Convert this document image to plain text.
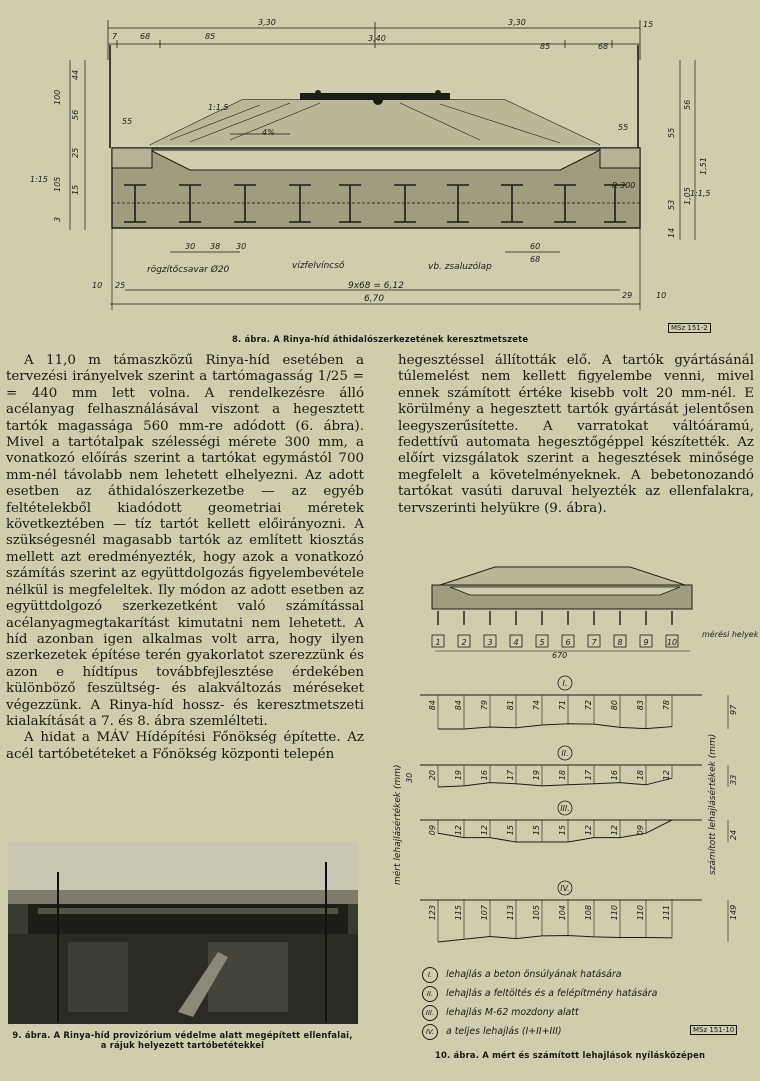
3,30	3,30
3,40
7	68	85
85	68
15
p.sz.
1:1,5
4%
R 300
1:15
1:1,5
55
55
100
44
56
25
105 15
3
56
55
1,51
53 1,05
14
30 38 30	60
68
rögzítőcsavar Ø20	vízfelvíncső	vb. zsaluzólap
9x68 = 6,12
6,70
10 25
29	10
8. ábra. A Rinya-híd áthidalószerkezetének keresztmetszete
MSz 151-2

A 11,0 m támaszközű Rinya-híd esetében a tervezési irányelvek szerint a tartómagasság 1/25 = = 440 mm lett volna. A rendelkezésre álló acélanyag felhasználásával viszont a hegesztett tartók magassága 560 mm-re adódott (6. ábra). Mivel a tartótalpak szélességi mérete 300 mm, a vonatkozó előírás szerint a tartókat egymástól 700 mm-nél távolabb nem lehetett elhelyezni. Az adott esetben az áthidalószerkezetbe — az egyéb feltételekből kiadódott geometriai méretek következtében — tíz tartót kellett előirányozni. A szükségesnél magasabb tartók az említett kiosztás mellett azt eredményezték, hogy azok a vonatkozó számítás szerint az együttdolgozás figyelembevétele nélkül is megfeleltek. Ily módon az adott esetben az együttdolgozó szerkezetként való számítással acélanyagmegtakarítást kimutatni nem lehetett. A híd azonban igen alkalmas volt arra, hogy ilyen szerkezetek építése terén gyakorlatot szerezzünk és azon e hídtípus továbbfejlesztése érdekében különböző feszültség- és alakváltozás méréseket végezzünk. A Rinya-híd hossz- és keresztmetszeti kialakítását a 7. és 8. ábra szemlélteti.

A hidat a MÁV Hídépítési Főnökség építette. Az acél tartóbetéteket a Főnökség központi telepén

hegesztéssel állították elő. A tartók gyártásánál túlemelést nem kellett figyelembe venni, mivel ennek számított értéke kisebb volt 20 mm-nél. E körülmény a hegesztett tartók gyártását jelentősen leegyszerűsítette. A varratokat váltóáramú, fedettívű automata hegesztőgéppel készítették. Az előírt vizsgálatok szerint a hegesztések minősége megfelelt a követelményeknek. A bebetonozandó tartókat vasúti daruval helyezték az ellenfalakra, tervszerinti helyükre (9. ábra).

9. ábra. A Rinya-híd provizórium védelme alatt megépített ellenfalai,
a rájuk helyezett tartóbetétekkel
1	2	3	4	5	6	7	8	9 10
mérési helyek
670
84 84 79 81 74 71 72 80 83 78
I.
97
20 19 16 17 19 18 17 16 18 12
II.
30	33
09 12 12 15 15 15 12 12 09
III.
24
123 115 107 113 105 104 108 110 110 111
IV.
149
mért lehajlásértékek (mm)	számított lehajlásértékek (mm)
I.	lehajlás a beton önsúlyának hatására
II.	lehajlás a feltöltés és a felépítmény hatására
III.	lehajlás M-62 mozdony alatt
IV.	a teljes lehajlás (I+II+III)
10. ábra. A mért és számított lehajlások nyílásközépen
MSz 151-10
